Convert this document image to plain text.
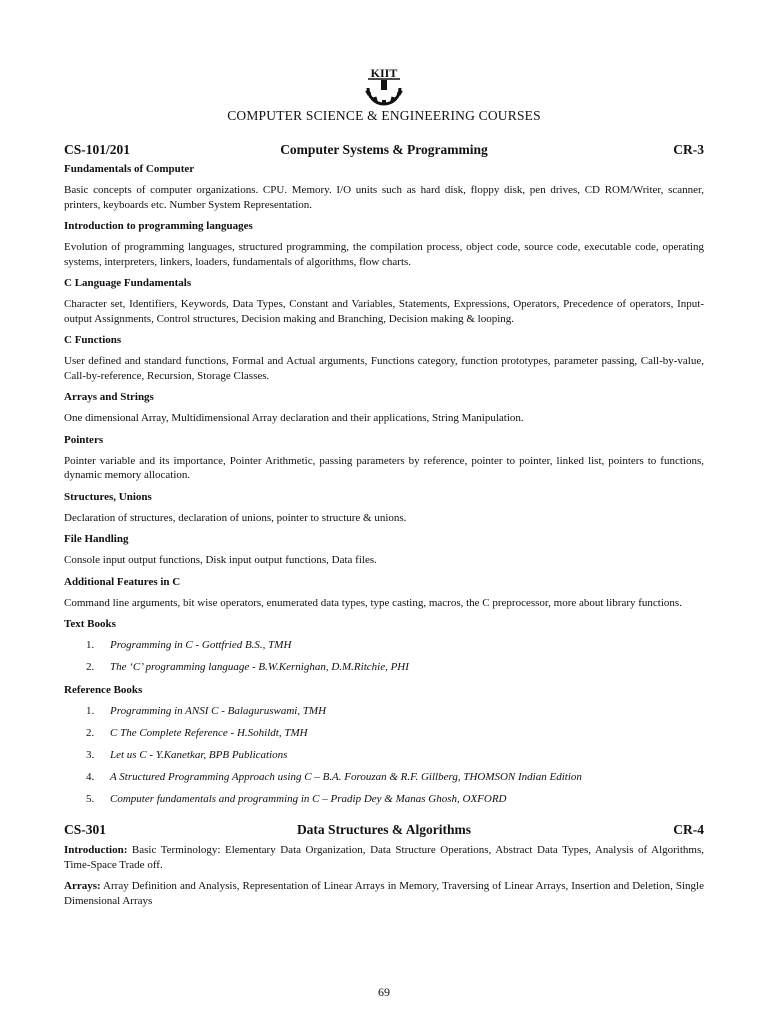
KIIT
COMPUTER SCIENCE & ENGINEERING COURSES
CS-101/201	Computer Systems & Programming	CR-3
Fundamentals of Computer
Basic concepts of computer organizations. CPU. Memory. I/O units such as hard disk, floppy disk, pen drives, CD ROM/Writer, scanner, printers, keyboards etc. Number System Representation.
Introduction to programming languages
Evolution of programming languages, structured programming, the compilation process, object code, source code, executable code, operating systems, interpreters, linkers, loaders, fundamentals of algorithms, flow charts.
C Language Fundamentals
Character set, Identifiers, Keywords, Data Types, Constant and Variables, Statements, Expressions, Operators, Precedence of operators, Input-output Assignments, Control structures, Decision making and Branching, Decision making & looping.
C Functions
User defined and standard functions, Formal and Actual arguments, Functions category, function prototypes, parameter passing, Call-by-value, Call-by-reference, Recursion, Storage Classes.
Arrays and Strings
One dimensional Array, Multidimensional Array declaration and their applications, String Manipulation.
Pointers
Pointer variable and its importance, Pointer Arithmetic, passing parameters by reference, pointer to pointer, linked list, pointers to functions, dynamic memory allocation.
Structures, Unions
Declaration of structures, declaration of unions, pointer to structure & unions.
File Handling
Console input output functions, Disk input output functions, Data files.
Additional Features in C
Command line arguments, bit wise operators, enumerated data types, type casting, macros, the C preprocessor, more about library functions.
Text Books
1. Programming in C - Gottfried B.S., TMH
2. The ‘C’ programming language - B.W.Kernighan, D.M.Ritchie, PHI
Reference Books
1. Programming in ANSI C - Balaguruswami, TMH
2. C The Complete Reference - H.Sohildt, TMH
3. Let us C - Y.Kanetkar, BPB Publications
4. A Structured Programming Approach using C – B.A. Forouzan & R.F. Gillberg, THOMSON Indian Edition
5. Computer fundamentals and programming in C – Pradip Dey & Manas Ghosh, OXFORD
CS-301	Data Structures & Algorithms	CR-4
Introduction: Basic Terminology: Elementary Data Organization, Data Structure Operations, Abstract Data Types, Analysis of Algorithms, Time-Space Trade off.
Arrays: Array Definition and Analysis, Representation of Linear Arrays in Memory, Traversing of Linear Arrays, Insertion and Deletion, Single Dimensional Arrays
69
